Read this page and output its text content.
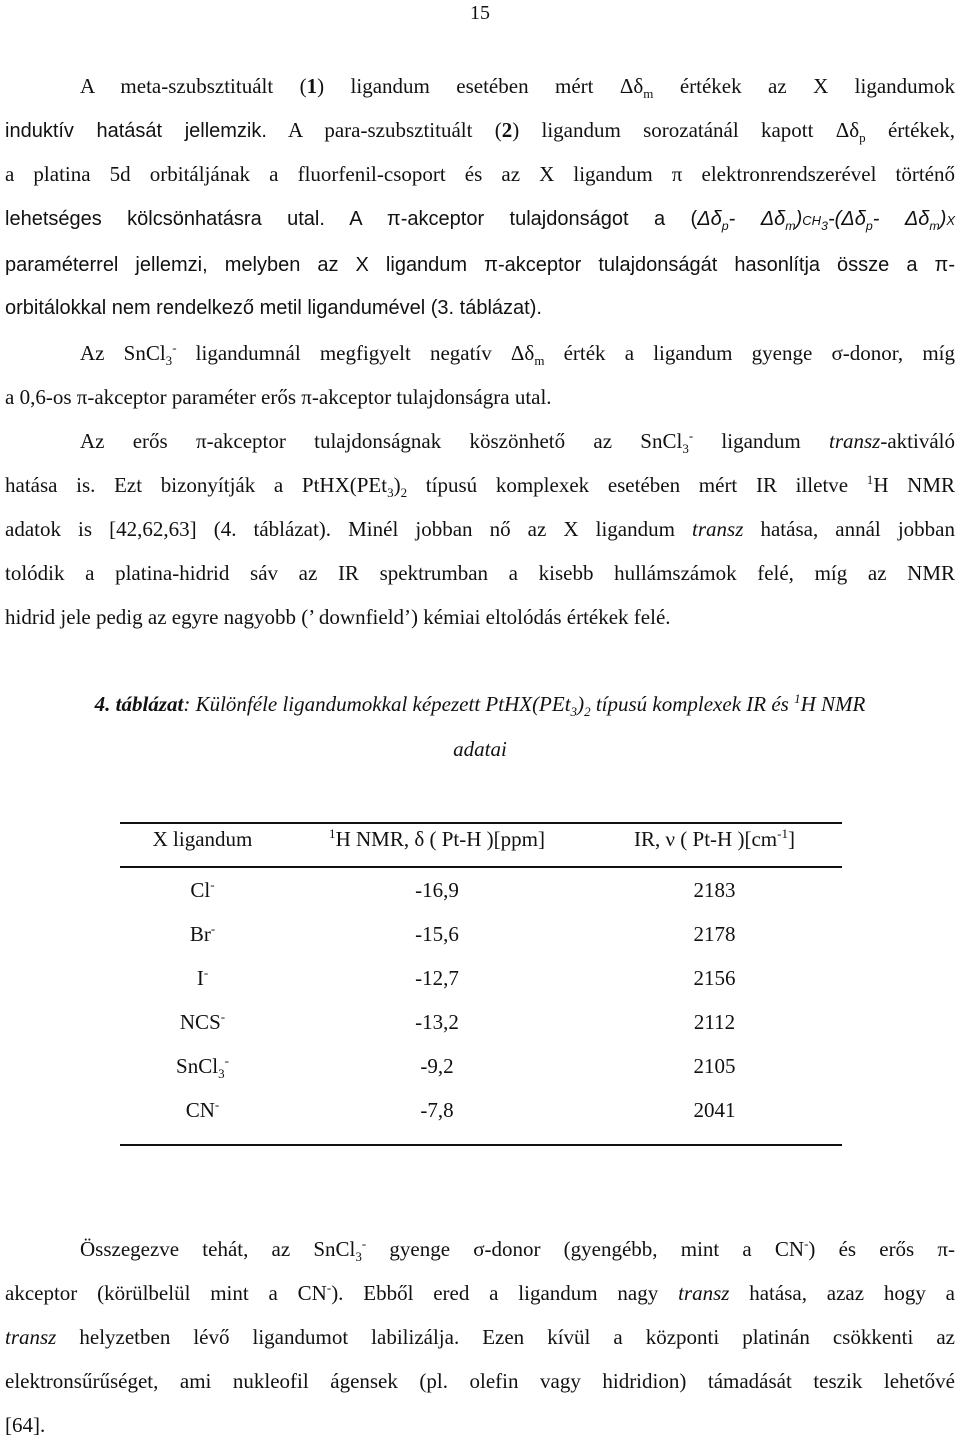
15
A meta-szubsztituált (1) ligandum esetében mért $\Delta\delta_m$ értékek az X ligandumok
induktív hatását jellemzik. A para-szubsztituált (2) ligandum sorozatánál kapott $\Delta\delta_p$ értékek,
a platina 5d orbitáljának a fluorfenil-csoport és az X ligandum π elektronrendszerével történő
lehetséges kölcsönhatásra utal. A π-akceptor tulajdonságot a ($\Delta\delta_p-$ $\Delta\delta_m)CH_3-(\Delta\delta_p-$ $\Delta\delta_m)X$
paraméterrel jellemzi, melyben az X ligandum π-akceptor tulajdonságát hasonlítja össze a π-
orbitálokkal nem rendelkező metil ligandumével (3. táblázat).
Az SnCl$_3$- ligandumnál megfigyelt negatív $\Delta\delta_m$ érték a ligandum gyenge σ-donor, míg
a 0,6-os π-akceptor paraméter erős π-akceptor tulajdonságra utal.
Az erős π-akceptor tulajdonságnak köszönhető az SnCl$_3$- ligandum transz-aktiváló
hatása is. Ezt bizonyítják a $PtHX(PEt_3)_2$ típusú komplexek esetében mért IR illetve $^1$H NMR
adatok is [42,62,63] (4. táblázat). Minél jobban nő az X ligandum transz hatása, annál jobban
tolódik a platina-hidrid sáv az IR spektrumban a kisebb hullámszámok felé, míg az NMR
hidrid jele pedig az egyre nagyobb (’ downfield’) kémiai eltolódás értékek felé.
4. táblázat: Különféle ligandumokkal képezett $PtHX(PEt_3)_2$ típusú komplexek IR és $^1$H NMR
adatai
X ligandum	$^1$H NMR, δ ( Pt-H )[ppm]	IR, ν ( Pt-H )$[cm^{-1}]$
Cl-	-16,9	2183
Br-	-15,6	2178
I-	-12,7	2156
NCS-	-13,2	2112
SnCl$_3$-	-9,2	2105
CN-	-7,8	2041
Összegezve tehát, az SnCl$_3$- gyenge σ-donor (gyengébb, mint a CN-) és erős π-
akceptor (körülbelül mint a CN-). Ebből ered a ligandum nagy transz hatása, azaz hogy a
transz helyzetben lévő ligandumot labilizálja. Ezen kívül a központi platinán csökkenti az
elektronsűrűséget, ami nukleofil ágensek (pl. olefin vagy hidridion) támadását teszik lehetővé
[64].
